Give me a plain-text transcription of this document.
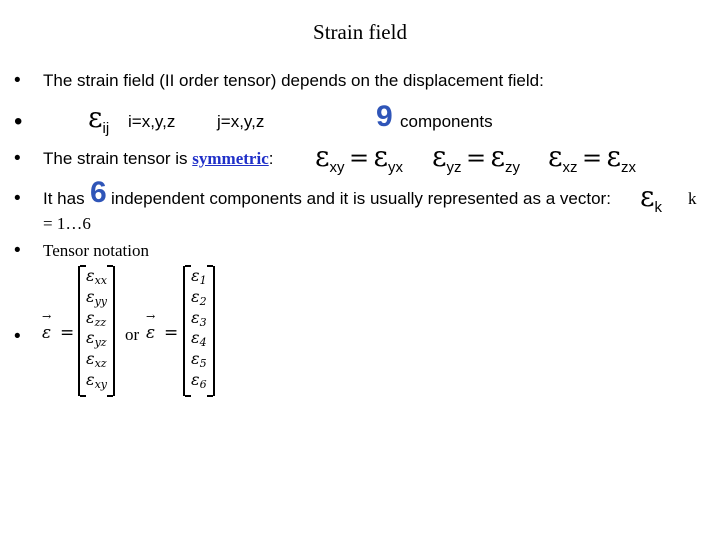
Strain field
• The strain field (II order tensor) depends on the displacement field:
• εij i=x,y,z j=x,y,z	9 components
• The strain tensor is symmetric: εxy = εyx εyz = εzy εxz = εzx
• It has 6 independent components and it is usually represented as a vector: εk k
= 1…6
• Tensor notation
• → ε =
$\varepsilon_{xx}$
$\varepsilon_{yy}$
$\varepsilon_{zz}$
$\varepsilon_{yz}$
$\varepsilon_{xz}$
$\varepsilon_{xy}$
or → ε =
$\varepsilon_1$
$\varepsilon_2$
$\varepsilon_3$
$\varepsilon_4$
$\varepsilon_5$
$\varepsilon_6$
